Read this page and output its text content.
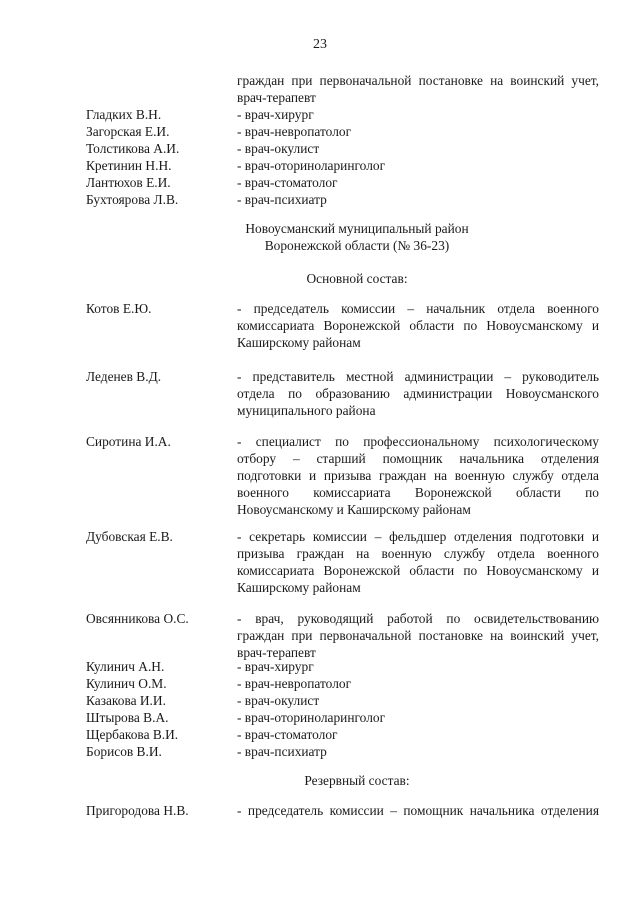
23
граждан при первоначальной постановке на воинский учет,
врач-терапевт
Гладких В.Н.	- врач-хирург
Загорская Е.И.	- врач-невропатолог
Толстикова А.И.	- врач-окулист
Кретинин Н.Н.	- врач-оториноларинголог
Лантюхов Е.И.	- врач-стоматолог
Бухтоярова Л.В.	- врач-психиатр
Новоусманский муниципальный район
Воронежской области (№ 36-23)
Основной состав:
Котов Е.Ю.	- председатель комиссии – начальник отдела военного
комиссариата Воронежской области по Новоусманскому и
Каширскому районам
Леденев В.Д.	- представитель местной администрации – руководитель
отдела по образованию администрации Новоусманского
муниципального района
Сиротина И.А.	- специалист по профессиональному психологическому
отбору – старший помощник начальника отделения
подготовки и призыва граждан на военную службу отдела
военного комиссариата Воронежской области по
Новоусманскому и Каширскому районам
Дубовская Е.В.	- секретарь комиссии – фельдшер отделения подготовки и
призыва граждан на военную службу отдела военного
комиссариата Воронежской области по Новоусманскому и
Каширскому районам
Овсянникова О.С.	- врач, руководящий работой по освидетельствованию
граждан при первоначальной постановке на воинский учет,
врач-терапевт
Кулинич А.Н.	- врач-хирург
Кулинич О.М.	- врач-невропатолог
Казакова И.И.	- врач-окулист
Штырова В.А.	- врач-оториноларинголог
Щербакова В.И.	- врач-стоматолог
Борисов В.И.	- врач-психиатр
Резервный состав:
Пригородова Н.В.	- председатель комиссии – помощник начальника отделения
